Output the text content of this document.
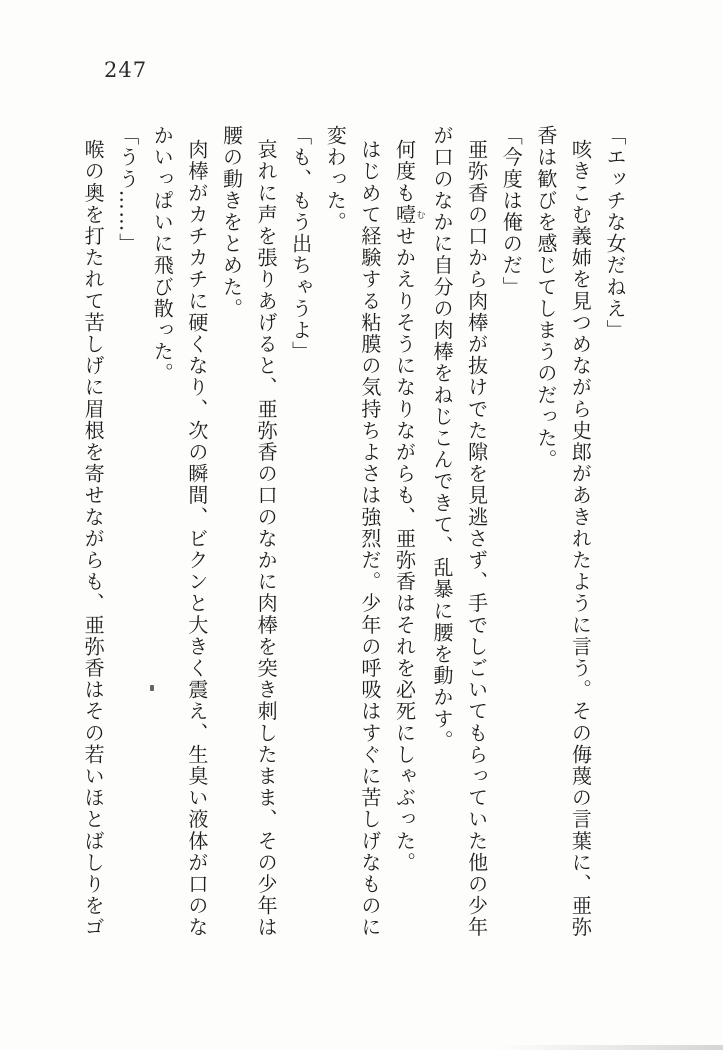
247

「エッチな女だねえ」

咳きこむ義姉を見つめながら史郎があきれたように言う。その侮蔑の言葉に、亜弥

香は歓びを感じてしまうのだった。

「今度は俺のだ」

亜弥香の口から肉棒が抜けでた隙を見逃さず、手でしごいてもらっていた他の少年

が口のなかに自分の肉棒をねじこんできて、乱暴に腰を動かす。

何度も噎むせかえりそうになりながらも、亜弥香はそれを必死にしゃぶった。

はじめて経験する粘膜の気持ちよさは強烈だ。少年の呼吸はすぐに苦しげなものに

変わった。

「も、もう出ちゃうよ」

哀れに声を張りあげると、亜弥香の口のなかに肉棒を突き刺したまま、その少年は

腰の動きをとめた。

肉棒がカチカチに硬くなり、次の瞬間、ビクンと大きく震え、生臭い液体が口のな

かいっぱいに飛び散った。

「うう……」

喉の奥を打たれて苦しげに眉根を寄せながらも、亜弥香はその若いほとばしりをゴ
